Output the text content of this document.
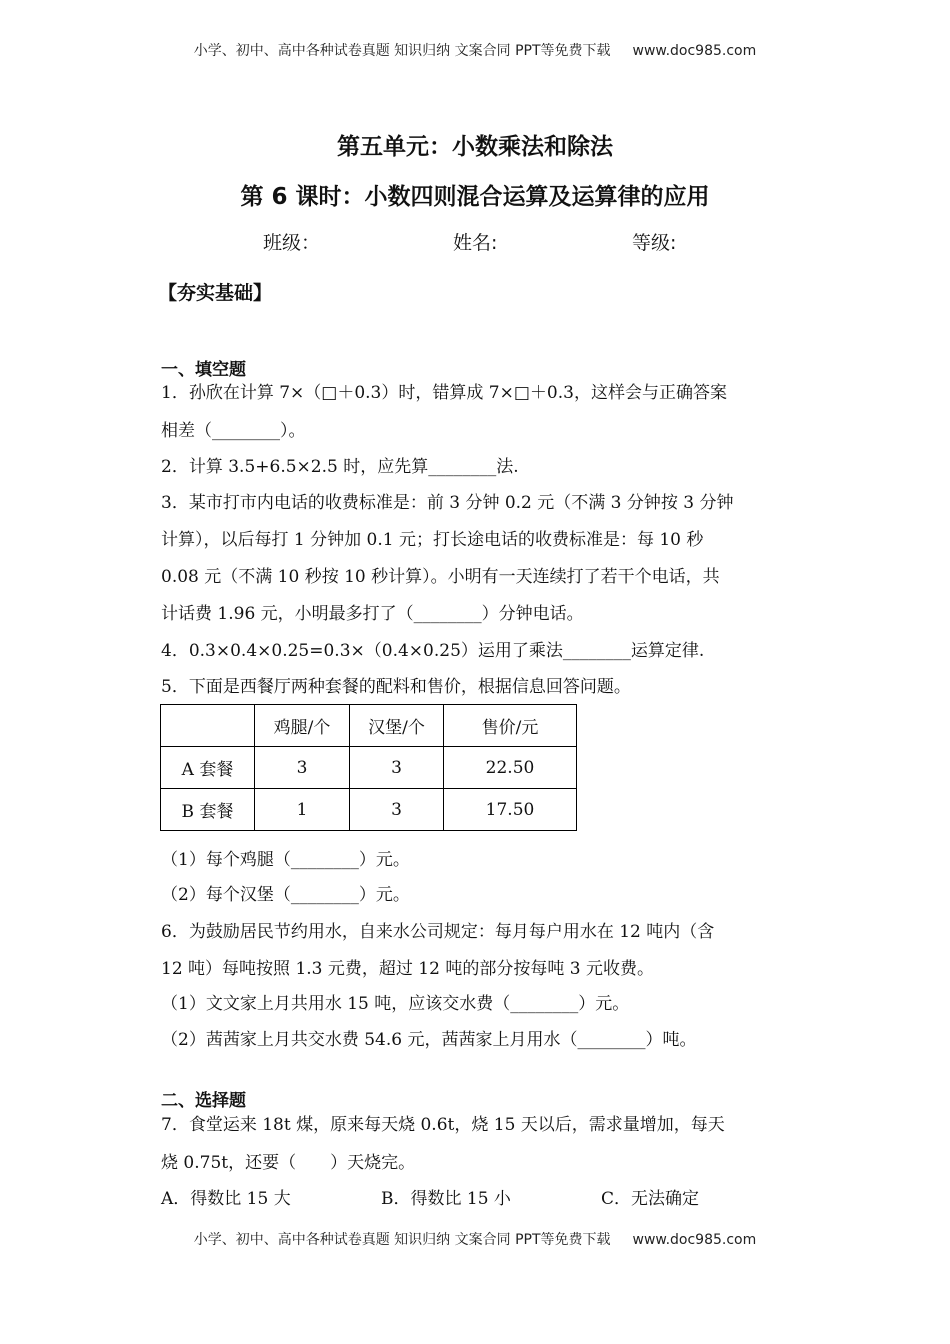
小学、初中、高中各种试卷真题 知识归纳 文案合同 PPT等免费下载 www.doc985.com
第五单元：小数乘法和除法
第 6 课时：小数四则混合运算及运算律的应用
班级：	姓名:	等级:
【夯实基础】
一、填空题
1．孙欣在计算 7×（□＋0.3）时，错算成 7×□＋0.3，这样会与正确答案
相差（________）。
2．计算 3.5+6.5×2.5 时，应先算________法.
3．某市打市内电话的收费标准是：前 3 分钟 0.2 元（不满 3 分钟按 3 分钟
计算），以后每打 1 分钟加 0.1 元；打长途电话的收费标准是：每 10 秒
0.08 元（不满 10 秒按 10 秒计算）。小明有一天连续打了若干个电话，共
计话费 1.96 元，小明最多打了（________）分钟电话。
4．0.3×0.4×0.25=0.3×（0.4×0.25）运用了乘法________运算定律.
5．下面是西餐厅两种套餐的配料和售价，根据信息回答问题。
	鸡腿/个	汉堡/个	售价/元
A 套餐	3	3	22.50
B 套餐	1	3	17.50
（1）每个鸡腿（________）元。
（2）每个汉堡（________）元。
6．为鼓励居民节约用水，自来水公司规定：每月每户用水在 12 吨内（含
12 吨）每吨按照 1.3 元费，超过 12 吨的部分按每吨 3 元收费。
（1）文文家上月共用水 15 吨，应该交水费（________）元。
（2）茜茜家上月共交水费 54.6 元，茜茜家上月用水（________）吨。
二、选择题
7．食堂运来 18t 煤，原来每天烧 0.6t，烧 15 天以后，需求量增加，每天
烧 0.75t，还要（　　）天烧完。
A．得数比 15 大	B．得数比 15 小	C．无法确定
小学、初中、高中各种试卷真题 知识归纳 文案合同 PPT等免费下载 www.doc985.com
